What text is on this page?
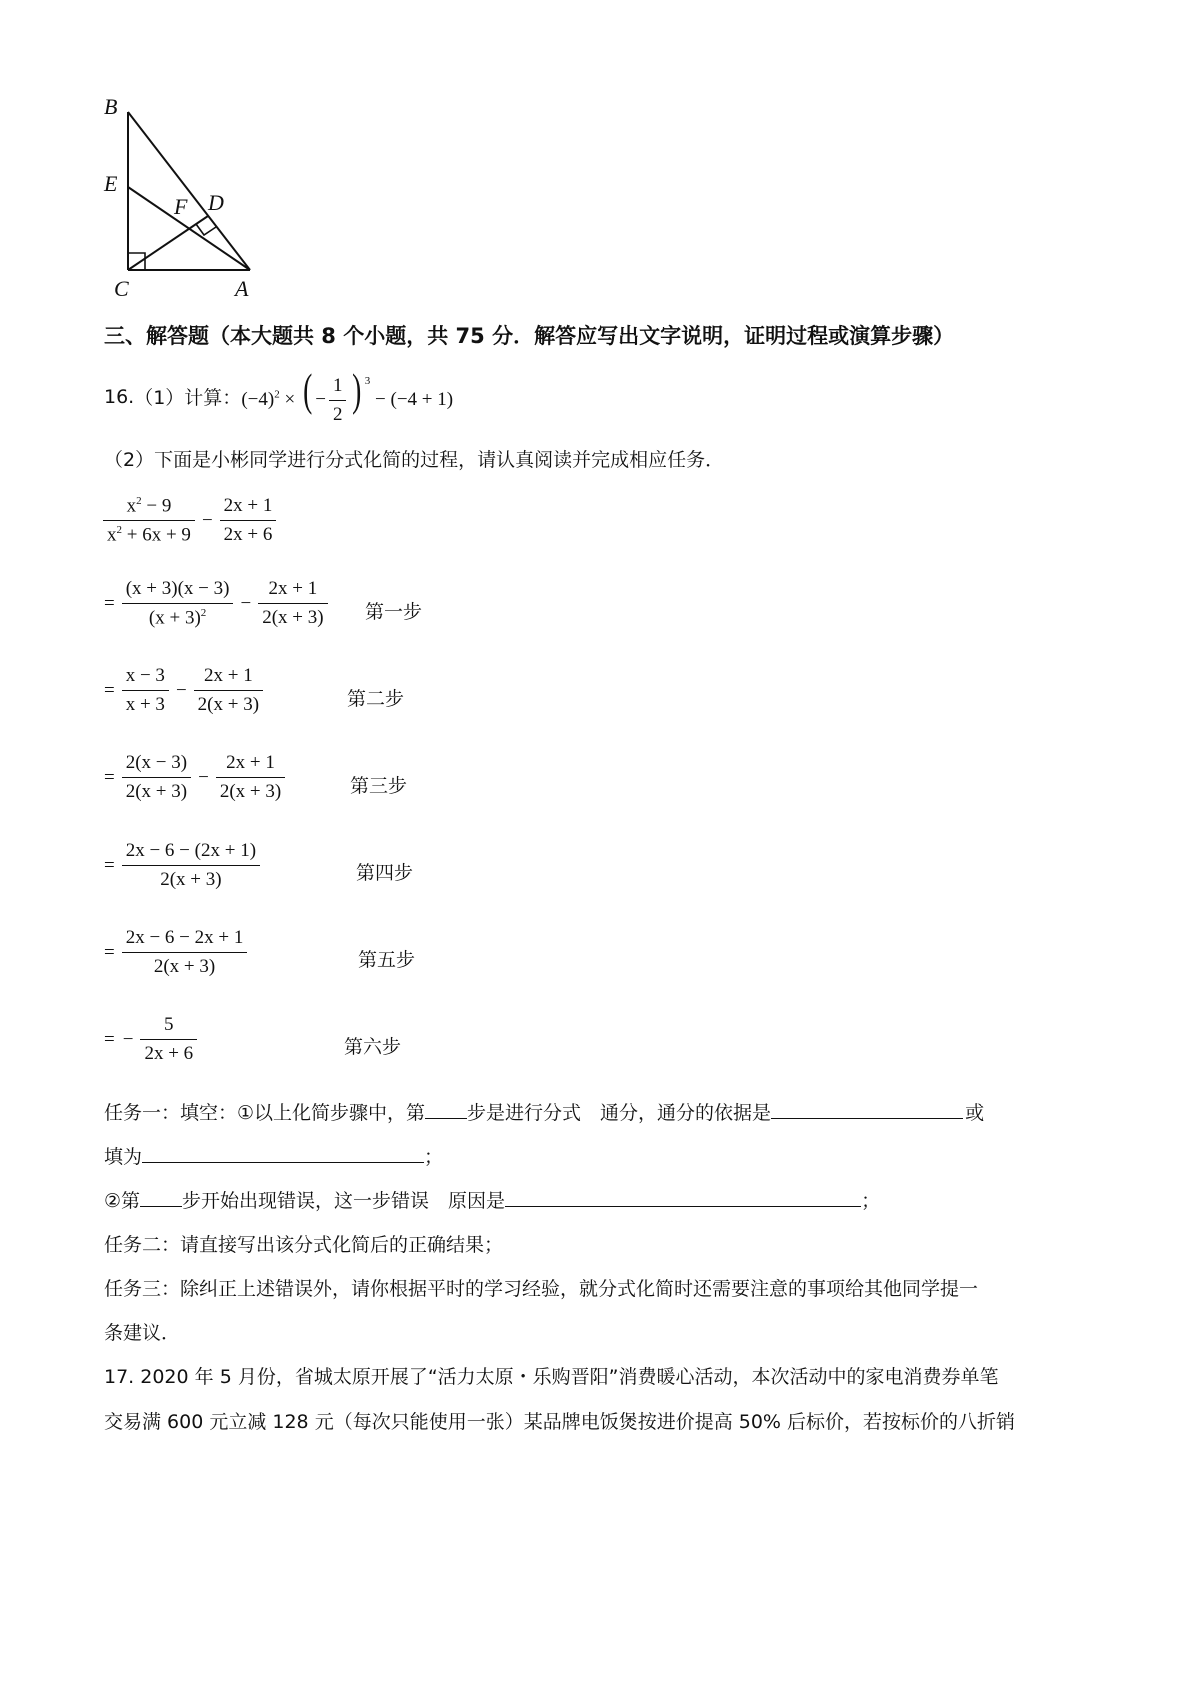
B
E
F D
C	A
三、解答题（本大题共 8 个小题，共 75 分．解答应写出文字说明，证明过程或演算步骤）
16. （1）计算： $(-4)^2$ × ( − $\frac{1}{2}$ ) $^3$ − (−4 + 1)
（2）下面是小彬同学进行分式化简的过程，请认真阅读并完成相应任务．
$\frac{x^2 - 9}{x^2 + 6x + 9} - \frac{2x + 1}{2x + 6}$
= $\frac{(x + 3)(x - 3)}{(x + 3)^2} - \frac{2x + 1}{2(x + 3)}$ 第一步
= $\frac{x - 3}{x + 3} - \frac{2x + 1}{2(x + 3)}$	第二步
= $\frac{2(x - 3)}{2(x + 3)} - \frac{2x + 1}{2(x + 3)}$	第三步
= $\frac{2x - 6 - (2x + 1)}{2(x + 3)}$	第四步
= $\frac{2x - 6 - 2x + 1}{2(x + 3)}$	第五步
= − $\frac{5}{2x + 6}$	第六步
任务一：填空：①以上化简步骤中，第 步是进行分式　通分，通分的依据是	或
填为	；
②第 步开始出现错误，这一步错误　原因是	；
任务二：请直接写出该分式化简后的正确结果；
任务三：除纠正上述错误外，请你根据平时的学习经验，就分式化简时还需要注意的事项给其他同学提一
条建议．
17. 2020 年 5 月份，省城太原开展了“活力太原・乐购晋阳”消费暖心活动，本次活动中的家电消费券单笔
交易满 600 元立减 128 元（每次只能使用一张）某品牌电饭煲按进价提高 50% 后标价，若按标价的八折销
